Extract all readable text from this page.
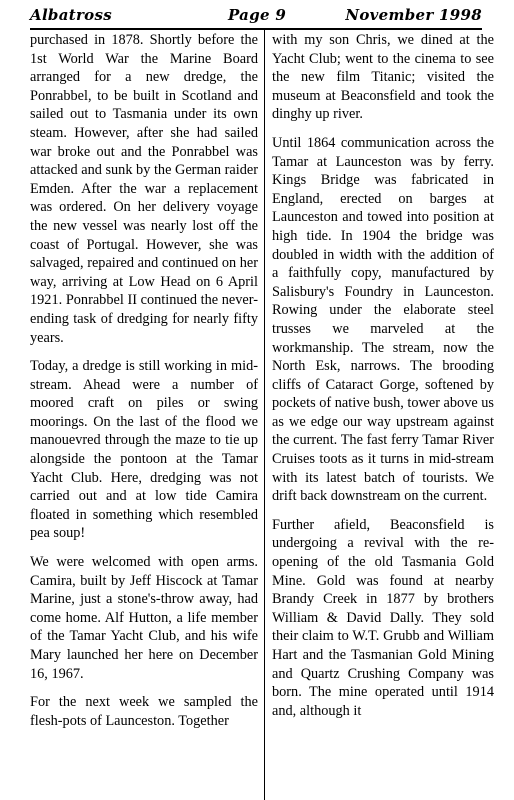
Albatross	Page 9	November 1998

purchased in 1878. Shortly before the 1st World War the Marine Board arranged for a new dredge, the Ponrabbel, to be built in Scotland and sailed out to Tasmania under its own steam. However, after she had sailed war broke out and the Ponrabbel was attacked and sunk by the German raider Emden. After the war a replacement was ordered. On her delivery voyage the new vessel was nearly lost off the coast of Portugal. However, she was salvaged, repaired and continued on her way, arriving at Low Head on 6 April 1921. Ponrabbel II continued the never-ending task of dredging for nearly fifty years.

Today, a dredge is still working in mid-stream. Ahead were a number of moored craft on piles or swing moorings. On the last of the flood we manouevred through the maze to tie up alongside the pontoon at the Tamar Yacht Club. Here, dredging was not carried out and at low tide Camira floated in something which resembled pea soup!

We were welcomed with open arms. Camira, built by Jeff Hiscock at Tamar Marine, just a stone's-throw away, had come home. Alf Hutton, a life member of the Tamar Yacht Club, and his wife Mary launched her here on December 16, 1967.

For the next week we sampled the flesh-pots of Launceston. Together

with my son Chris, we dined at the Yacht Club; went to the cinema to see the new film Titanic; visited the museum at Beaconsfield and took the dinghy up river.

Until 1864 communication across the Tamar at Launceston was by ferry. Kings Bridge was fabricated in England, erected on barges at Launceston and towed into position at high tide. In 1904 the bridge was doubled in width with the addition of a faithfully copy, manufactured by Salisbury's Foundry in Launceston. Rowing under the elaborate steel trusses we marveled at the workmanship. The stream, now the North Esk, narrows. The brooding cliffs of Cataract Gorge, softened by pockets of native bush, tower above us as we edge our way upstream against the current. The fast ferry Tamar River Cruises toots as it turns in mid-stream with its latest batch of tourists. We drift back downstream on the current.

Further afield, Beaconsfield is undergoing a revival with the re-opening of the old Tasmania Gold Mine. Gold was found at nearby Brandy Creek in 1877 by brothers William & David Dally. They sold their claim to W.T. Grubb and William Hart and the Tasmanian Gold Mining and Quartz Crushing Company was born. The mine operated until 1914 and, although it
